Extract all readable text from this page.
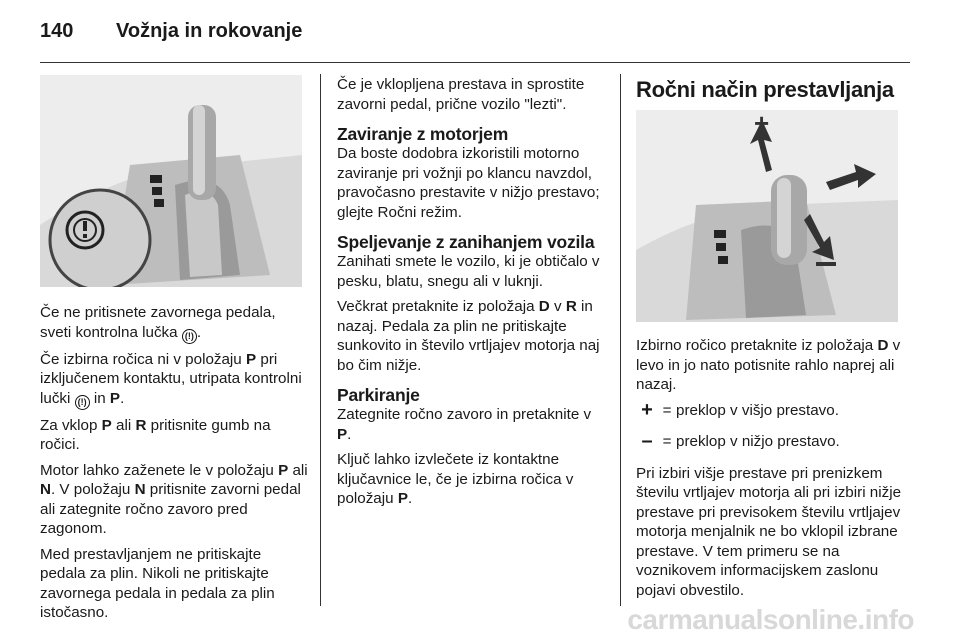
140 Vožnja in rokovanje
+

Če ne pritisnete zavornega pedala, sveti kontrolna lučka (!) .

Če izbirna ročica ni v položaju P pri izključenem kontaktu, utripata kontrolni lučki (!) in P.

Za vklop P ali R pritisnite gumb na ročici.

Motor lahko zaženete le v položaju P ali N. V položaju N pritisnite zavorni pedal ali zategnite ročno zavoro pred zagonom.

Med prestavljanjem ne pritiskajte pedala za plin. Nikoli ne pritiskajte zavornega pedala in pedala za plin istočasno.

Če je vklopljena prestava in sprostite zavorni pedal, prične vozilo "lezti".

Zaviranje z motorjem

Da boste dodobra izkoristili motorno zaviranje pri vožnji po klancu navzdol, pravočasno prestavite v nižjo prestavo; glejte Ročni režim.

Speljevanje z zanihanjem vozila

Zanihati smete le vozilo, ki je obtičalo v pesku, blatu, snegu ali v luknji.

Večkrat pretaknite iz položaja D v R in nazaj. Pedala za plin ne pritiskajte sunkovito in število vrtljajev motorja naj bo čim nižje.

Parkiranje

Zategnite ročno zavoro in pretaknite v P.

Ključ lahko izvlečete iz kontaktne ključavnice le, če je izbirna ročica v položaju P.

Ročni način prestavljanja

Izbirno ročico pretaknite iz položaja D v levo in jo nato potisnite rahlo naprej ali nazaj.

+ = preklop v višjo prestavo.
– = preklop v nižjo prestavo.

Pri izbiri višje prestave pri prenizkem številu vrtljajev motorja ali pri izbiri nižje prestave pri previsokem številu vrtljajev motorja menjalnik ne bo vklopil izbrane prestave. V tem primeru se na voznikovem informacijskem zaslonu pojavi obvestilo.

carmanualsonline.info
